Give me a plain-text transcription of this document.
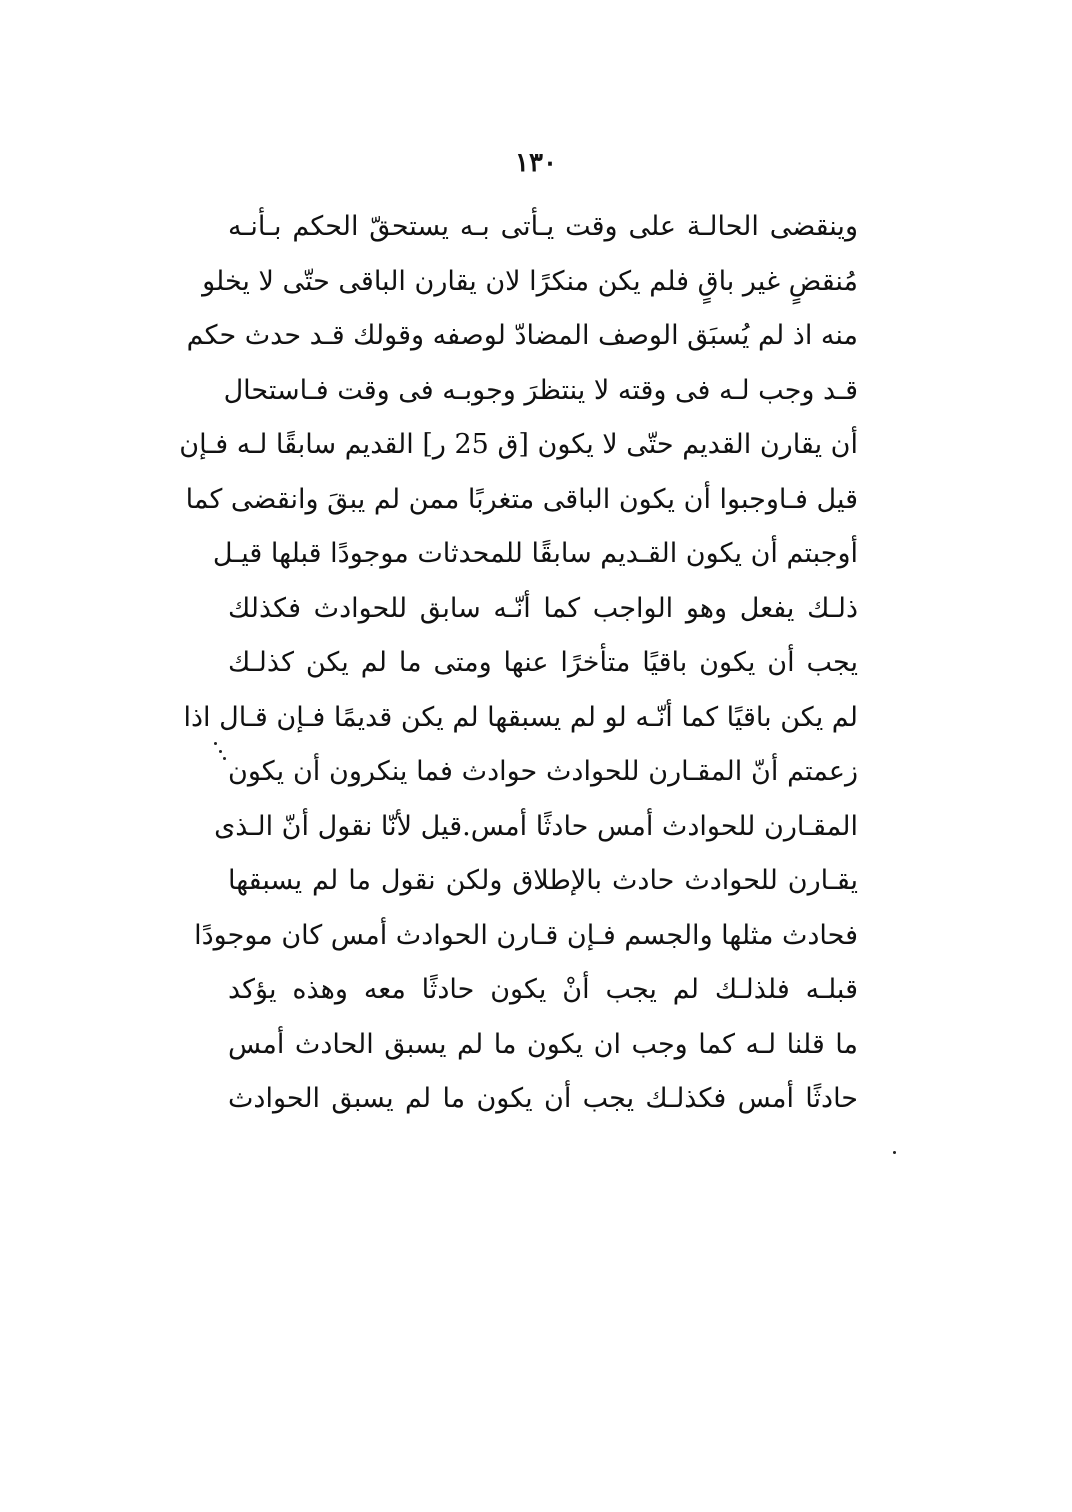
١٣٠
وينقضى الحالـة على وقت يـأتى بـه يستحقّ الحكم بـأنـه
مُنقضٍ غير باقٍ فلم يكن منكرًا لان يقارن الباقى حتّى لا يخلو
منه اذ لم يُسبَق الوصف المضادّ لوصفه وقولك قـد حدث حكم
قـد وجب لـه فى وقته لا ينتظرَ وجوبـه فى وقت فـاستحال
أن يقارن القديم حتّى لا يكون [ق 25 ر] القديم سابقًا لـه فـإن
قيل فـاوجبوا أن يكون الباقى متغربًا ممن لم يبقَ وانقضى كما
أوجبتم أن يكون القـديم سابقًا للمحدثات موجودًا قبلها قيـل
ذلـك يفعل وهو الواجب كما أنّـه سابق للحوادث فكذلك
يجب أن يكون باقيًا متأخرًا عنها ومتى ما لم يكن كذلـك
لم يكن باقيًا كما أنّـه لو لم يسبقها لم يكن قديمًا فـإن قـال اذا
زعمتم أنّ المقـارن للحوادث حوادث فما ينكرون أن يكون
المقـارن للحوادث أمس حادثًا أمس.قيل لأنّا نقول أنّ الـذى
يقـارن للحوادث حادث بالإطلاق ولكن نقول ما لم يسبقها
فحادث مثلها والجسم فـإن قـارن الحوادث أمس كان موجودًا
قبلـه فلذلـك لم يجب أنْ يكون حادثًا معه وهذه يؤكد
ما قلنا لـه كما وجب ان يكون ما لم يسبق الحادث أمس
حادثًا أمس فكذلـك يجب أن يكون ما لم يسبق الحوادث
